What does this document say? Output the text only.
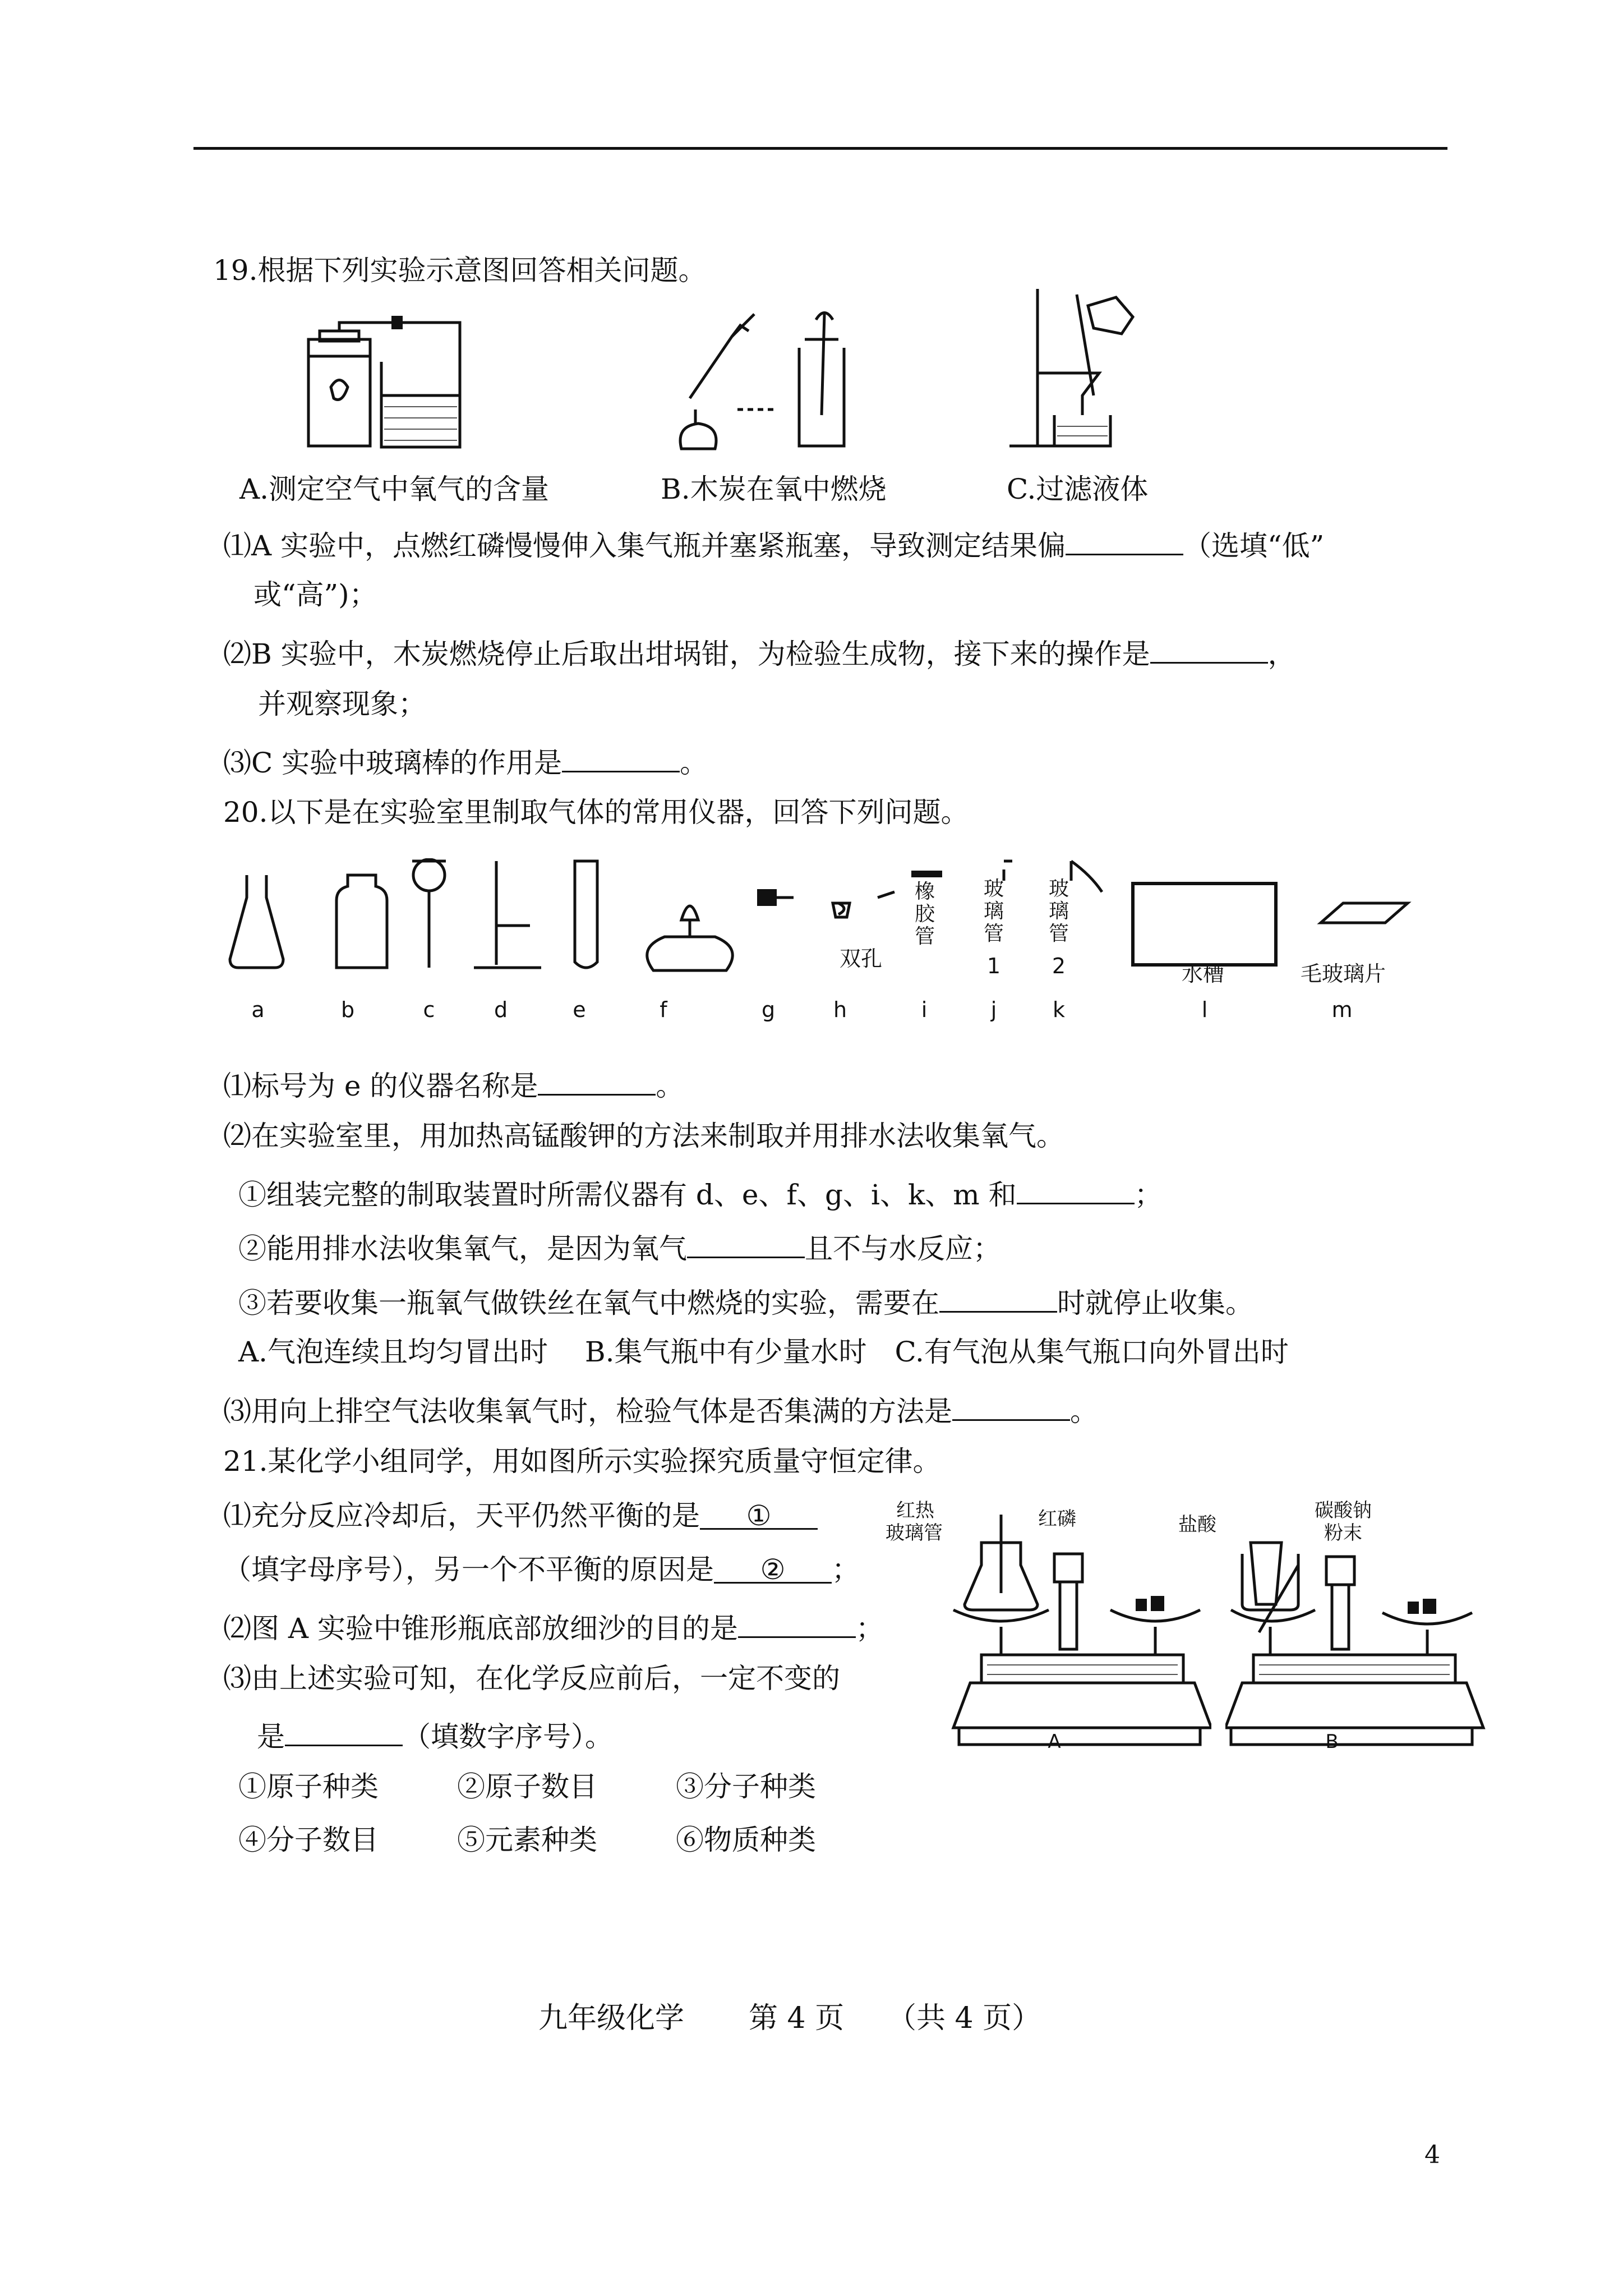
19.根据下列实验示意图回答相关问题。
A.测定空气中氧气的含量	B.木炭在氧中燃烧	C.过滤液体
⑴A 实验中，点燃红磷慢慢伸入集气瓶并塞紧瓶塞，导致测定结果偏	（选填“低”
或“高”)；
⑵B 实验中，木炭燃烧停止后取出坩埚钳，为检验生成物，接下来的操作是	，
并观察现象；
⑶C 实验中玻璃棒的作用是	。
20.以下是在实验室里制取气体的常用仪器，回答下列问题。
双孔
橡胶管
玻璃管
1
玻璃管
2	水槽	毛玻璃片
a	b	c	d	e	f	g	h	i	j	k	l	m
⑴标号为 e 的仪器名称是	。
⑵在实验室里，用加热高锰酸钾的方法来制取并用排水法收集氧气。
①组装完整的制取装置时所需仪器有 d、e、f、g、i、k、m 和	；
②能用排水法收集氧气，是因为氧气	且不与水反应；
③若要收集一瓶氧气做铁丝在氧气中燃烧的实验，需要在	时就停止收集。
A.气泡连续且均匀冒出时　 B.集气瓶中有少量水时　C.有气泡从集气瓶口向外冒出时
⑶用向上排空气法收集氧气时，检验气体是否集满的方法是	。
21.某化学小组同学，用如图所示实验探究质量守恒定律。
⑴充分反应冷却后，天平仍然平衡的是 ①
（填字母序号），另一个不平衡的原因是 ② ；
⑵图 A 实验中锥形瓶底部放细沙的目的是	；
⑶由上述实验可知，在化学反应前后，一定不变的
是	（填数字序号）。
①原子种类	②原子数目	③分子种类
④分子数目	⑤元素种类	⑥物质种类
红热
玻璃管
红磷	盐酸
碳酸钠
粉末
A	B
九年级化学 第 4 页 （共 4 页）
4
